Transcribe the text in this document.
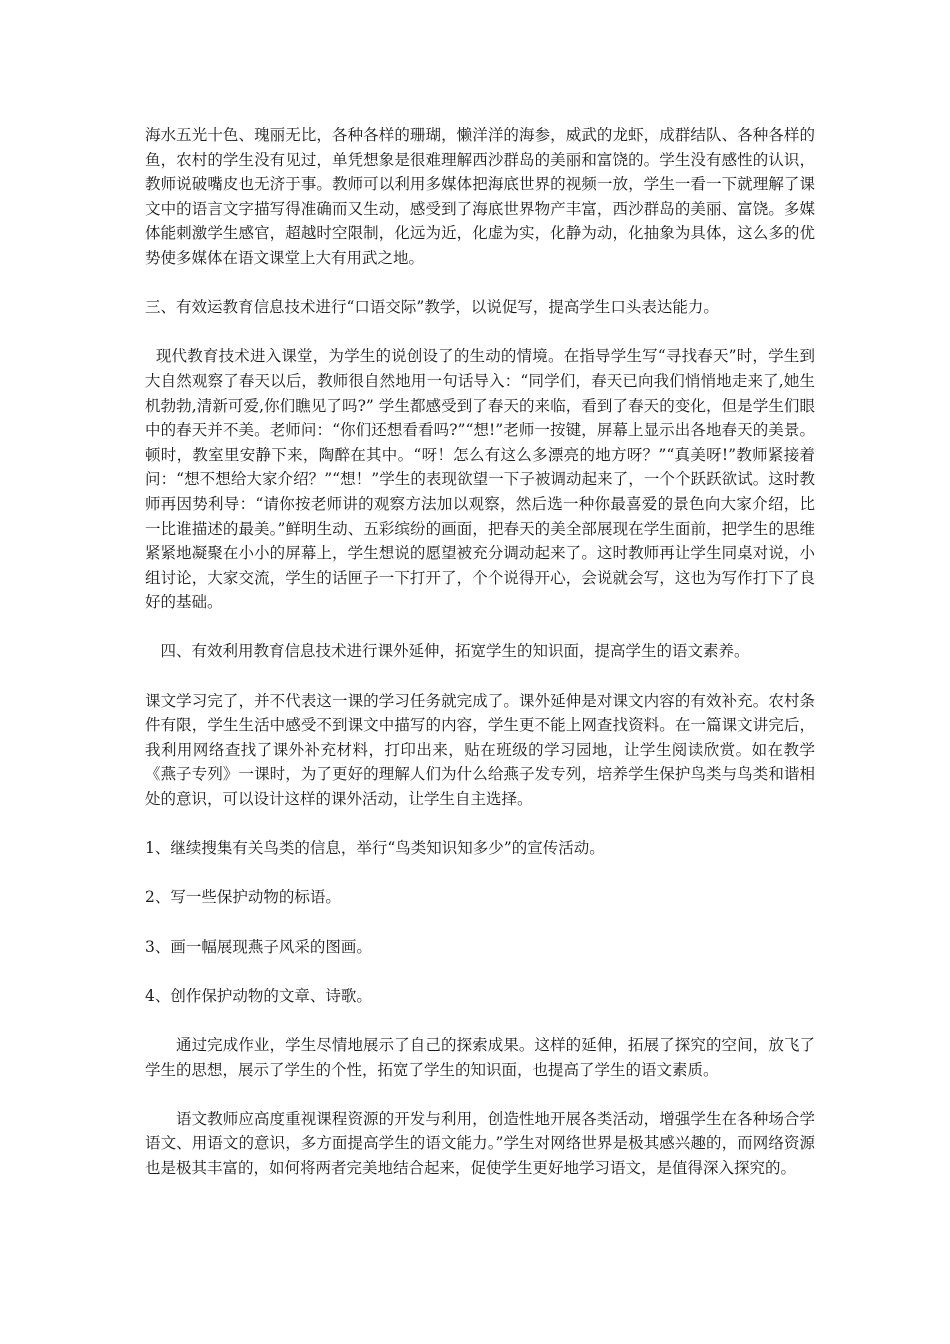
海水五光十色、瑰丽无比，各种各样的珊瑚，懒洋洋的海参，威武的龙虾，成群结队、各种各样的鱼，农村的学生没有见过，单凭想象是很难理解西沙群岛的美丽和富饶的。学生没有感性的认识，教师说破嘴皮也无济于事。教师可以利用多媒体把海底世界的视频一放，学生一看一下就理解了课文中的语言文字描写得准确而又生动，感受到了海底世界物产丰富，西沙群岛的美丽、富饶。多媒体能刺激学生感官，超越时空限制，化远为近，化虚为实，化静为动，化抽象为具体，这么多的优势使多媒体在语文课堂上大有用武之地。

三、有效运教育信息技术进行“口语交际”教学，以说促写，提高学生口头表达能力。

现代教育技术进入课堂，为学生的说创设了的生动的情境。在指导学生写“寻找春天”时，学生到大自然观察了春天以后，教师很自然地用一句话导入：“同学们，春天已向我们悄悄地走来了,她生机勃勃,清新可爱,你们瞧见了吗?” 学生都感受到了春天的来临，看到了春天的变化，但是学生们眼中的春天并不美。老师问：“你们还想看看吗?”“想!”老师一按键，屏幕上显示出各地春天的美景。顿时，教室里安静下来，陶醉在其中。“呀！怎么有这么多漂亮的地方呀？”“真美呀!”教师紧接着问：“想不想给大家介绍？”“想！”学生的表现欲望一下子被调动起来了，一个个跃跃欲试。这时教师再因势利导：“请你按老师讲的观察方法加以观察，然后选一种你最喜爱的景色向大家介绍，比一比谁描述的最美。”鲜明生动、五彩缤纷的画面，把春天的美全部展现在学生面前，把学生的思维紧紧地凝聚在小小的屏幕上，学生想说的愿望被充分调动起来了。这时教师再让学生同桌对说，小组讨论，大家交流，学生的话匣子一下打开了，个个说得开心，会说就会写，这也为写作打下了良好的基础。

四、有效利用教育信息技术进行课外延伸，拓宽学生的知识面，提高学生的语文素养。

课文学习完了，并不代表这一课的学习任务就完成了。课外延伸是对课文内容的有效补充。农村条件有限，学生生活中感受不到课文中描写的内容，学生更不能上网查找资料。在一篇课文讲完后，我利用网络查找了课外补充材料，打印出来，贴在班级的学习园地，让学生阅读欣赏。如在教学《燕子专列》一课时，为了更好的理解人们为什么给燕子发专列，培养学生保护鸟类与鸟类和谐相处的意识，可以设计这样的课外活动，让学生自主选择。

1、继续搜集有关鸟类的信息，举行“鸟类知识知多少”的宣传活动。

2、写一些保护动物的标语。

3、画一幅展现燕子风采的图画。

4、创作保护动物的文章、诗歌。

通过完成作业，学生尽情地展示了自己的探索成果。这样的延伸，拓展了探究的空间，放飞了学生的思想，展示了学生的个性，拓宽了学生的知识面，也提高了学生的语文素质。

语文教师应高度重视课程资源的开发与利用，创造性地开展各类活动，增强学生在各种场合学语文、用语文的意识，多方面提高学生的语文能力。”学生对网络世界是极其感兴趣的，而网络资源也是极其丰富的，如何将两者完美地结合起来，促使学生更好地学习语文，是值得深入探究的。
